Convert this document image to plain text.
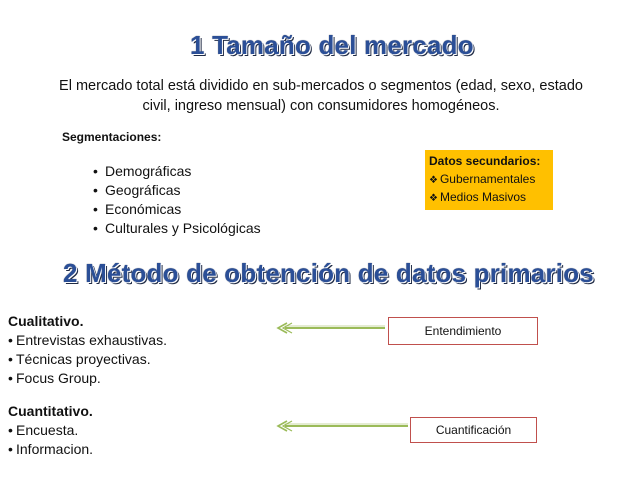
1 Tamaño del mercado
El mercado total está dividido en sub-mercados o segmentos (edad, sexo, estado civil, ingreso mensual) con consumidores homogéneos.
Segmentaciones:
• Demográficas
• Geográficas
• Económicas
• Culturales y Psicológicas
Datos secundarios:
❖ Gubernamentales
❖ Medios Masivos
2 Método de obtención de datos primarios
Cualitativo.
• Entrevistas exhaustivas.
• Técnicas proyectivas.
• Focus Group.
Entendimiento
Cuantitativo.
• Encuesta.
• Informacion.
Cuantificación
